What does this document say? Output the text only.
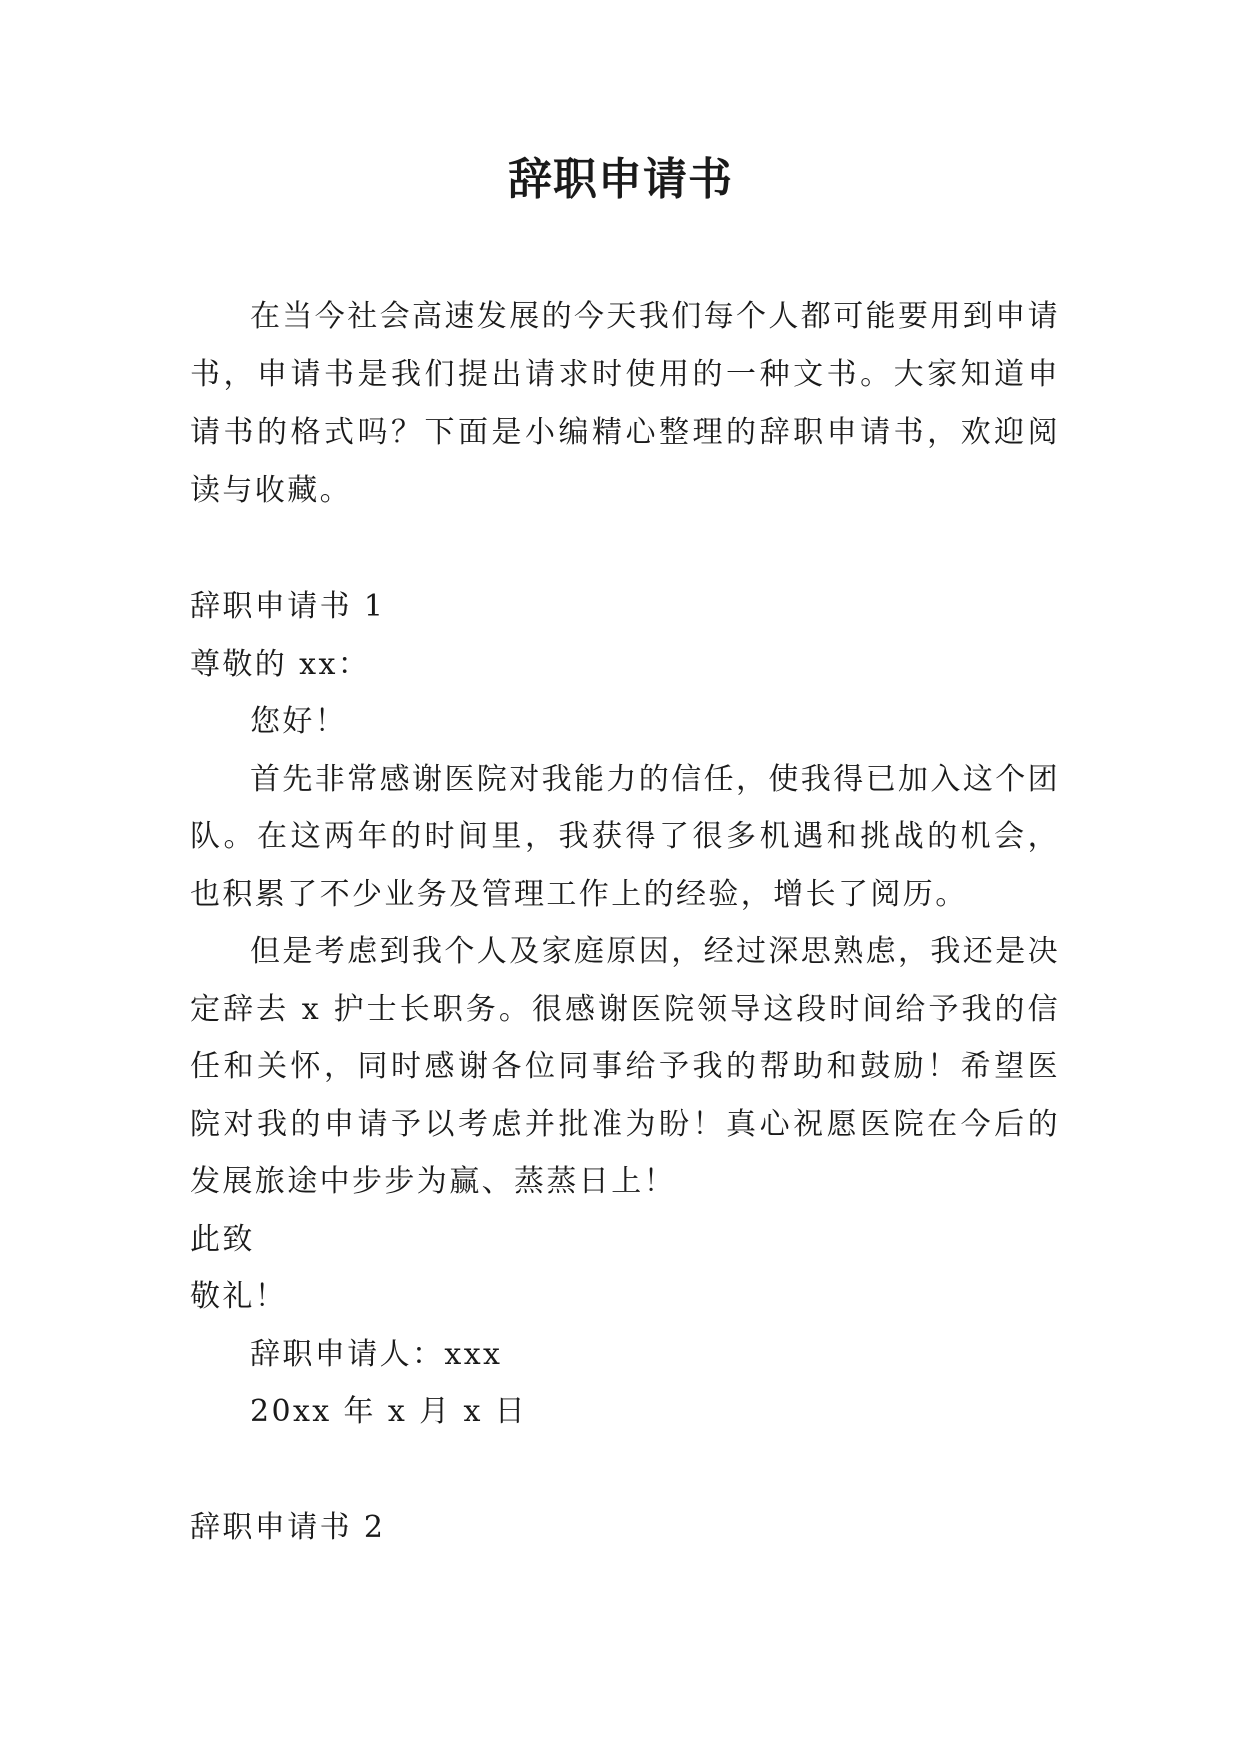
辞职申请书

在当今社会高速发展的今天我们每个人都可能要用到申请书，申请书是我们提出请求时使用的一种文书。大家知道申请书的格式吗？下面是小编精心整理的辞职申请书，欢迎阅读与收藏。

辞职申请书 1

尊敬的 xx：

您好！

首先非常感谢医院对我能力的信任，使我得已加入这个团队。在这两年的时间里，我获得了很多机遇和挑战的机会，也积累了不少业务及管理工作上的经验，增长了阅历。

但是考虑到我个人及家庭原因，经过深思熟虑，我还是决定辞去 x 护士长职务。很感谢医院领导这段时间给予我的信任和关怀，同时感谢各位同事给予我的帮助和鼓励！希望医院对我的申请予以考虑并批准为盼！真心祝愿医院在今后的发展旅途中步步为赢、蒸蒸日上！

此致

敬礼！

辞职申请人：xxx

20xx 年 x 月 x 日

辞职申请书 2
